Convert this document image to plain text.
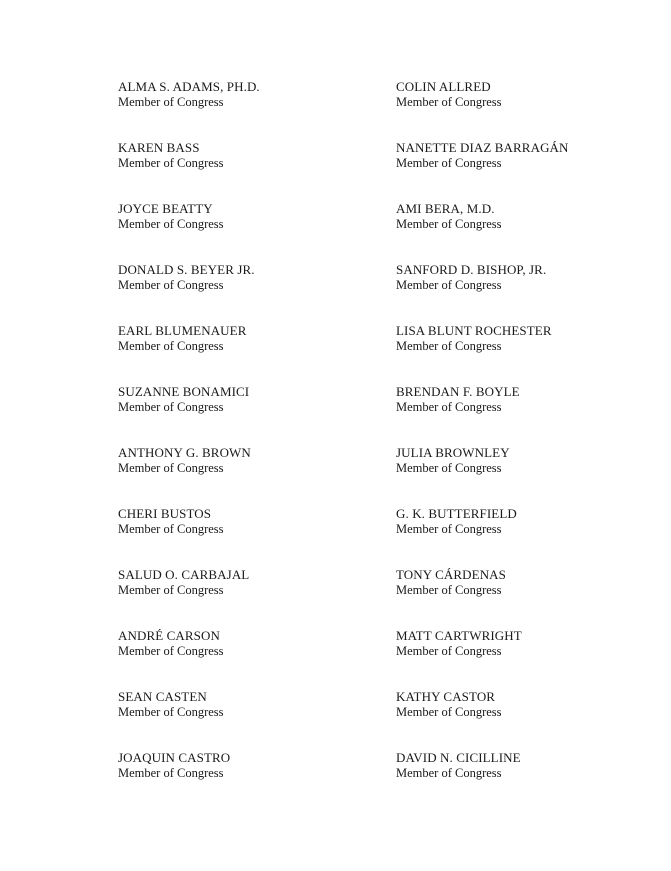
ALMA S. ADAMS, PH.D.
Member of Congress
COLIN ALLRED
Member of Congress
KAREN BASS
Member of Congress
NANETTE DIAZ BARRAGÁN
Member of Congress
JOYCE BEATTY
Member of Congress
AMI BERA, M.D.
Member of Congress
DONALD S. BEYER JR.
Member of Congress
SANFORD D. BISHOP, JR.
Member of Congress
EARL BLUMENAUER
Member of Congress
LISA BLUNT ROCHESTER
Member of Congress
SUZANNE BONAMICI
Member of Congress
BRENDAN F. BOYLE
Member of Congress
ANTHONY G. BROWN
Member of Congress
JULIA BROWNLEY
Member of Congress
CHERI BUSTOS
Member of Congress
G. K. BUTTERFIELD
Member of Congress
SALUD O. CARBAJAL
Member of Congress
TONY CÁRDENAS
Member of Congress
ANDRÉ CARSON
Member of Congress
MATT CARTWRIGHT
Member of Congress
SEAN CASTEN
Member of Congress
KATHY CASTOR
Member of Congress
JOAQUIN CASTRO
Member of Congress
DAVID N. CICILLINE
Member of Congress
